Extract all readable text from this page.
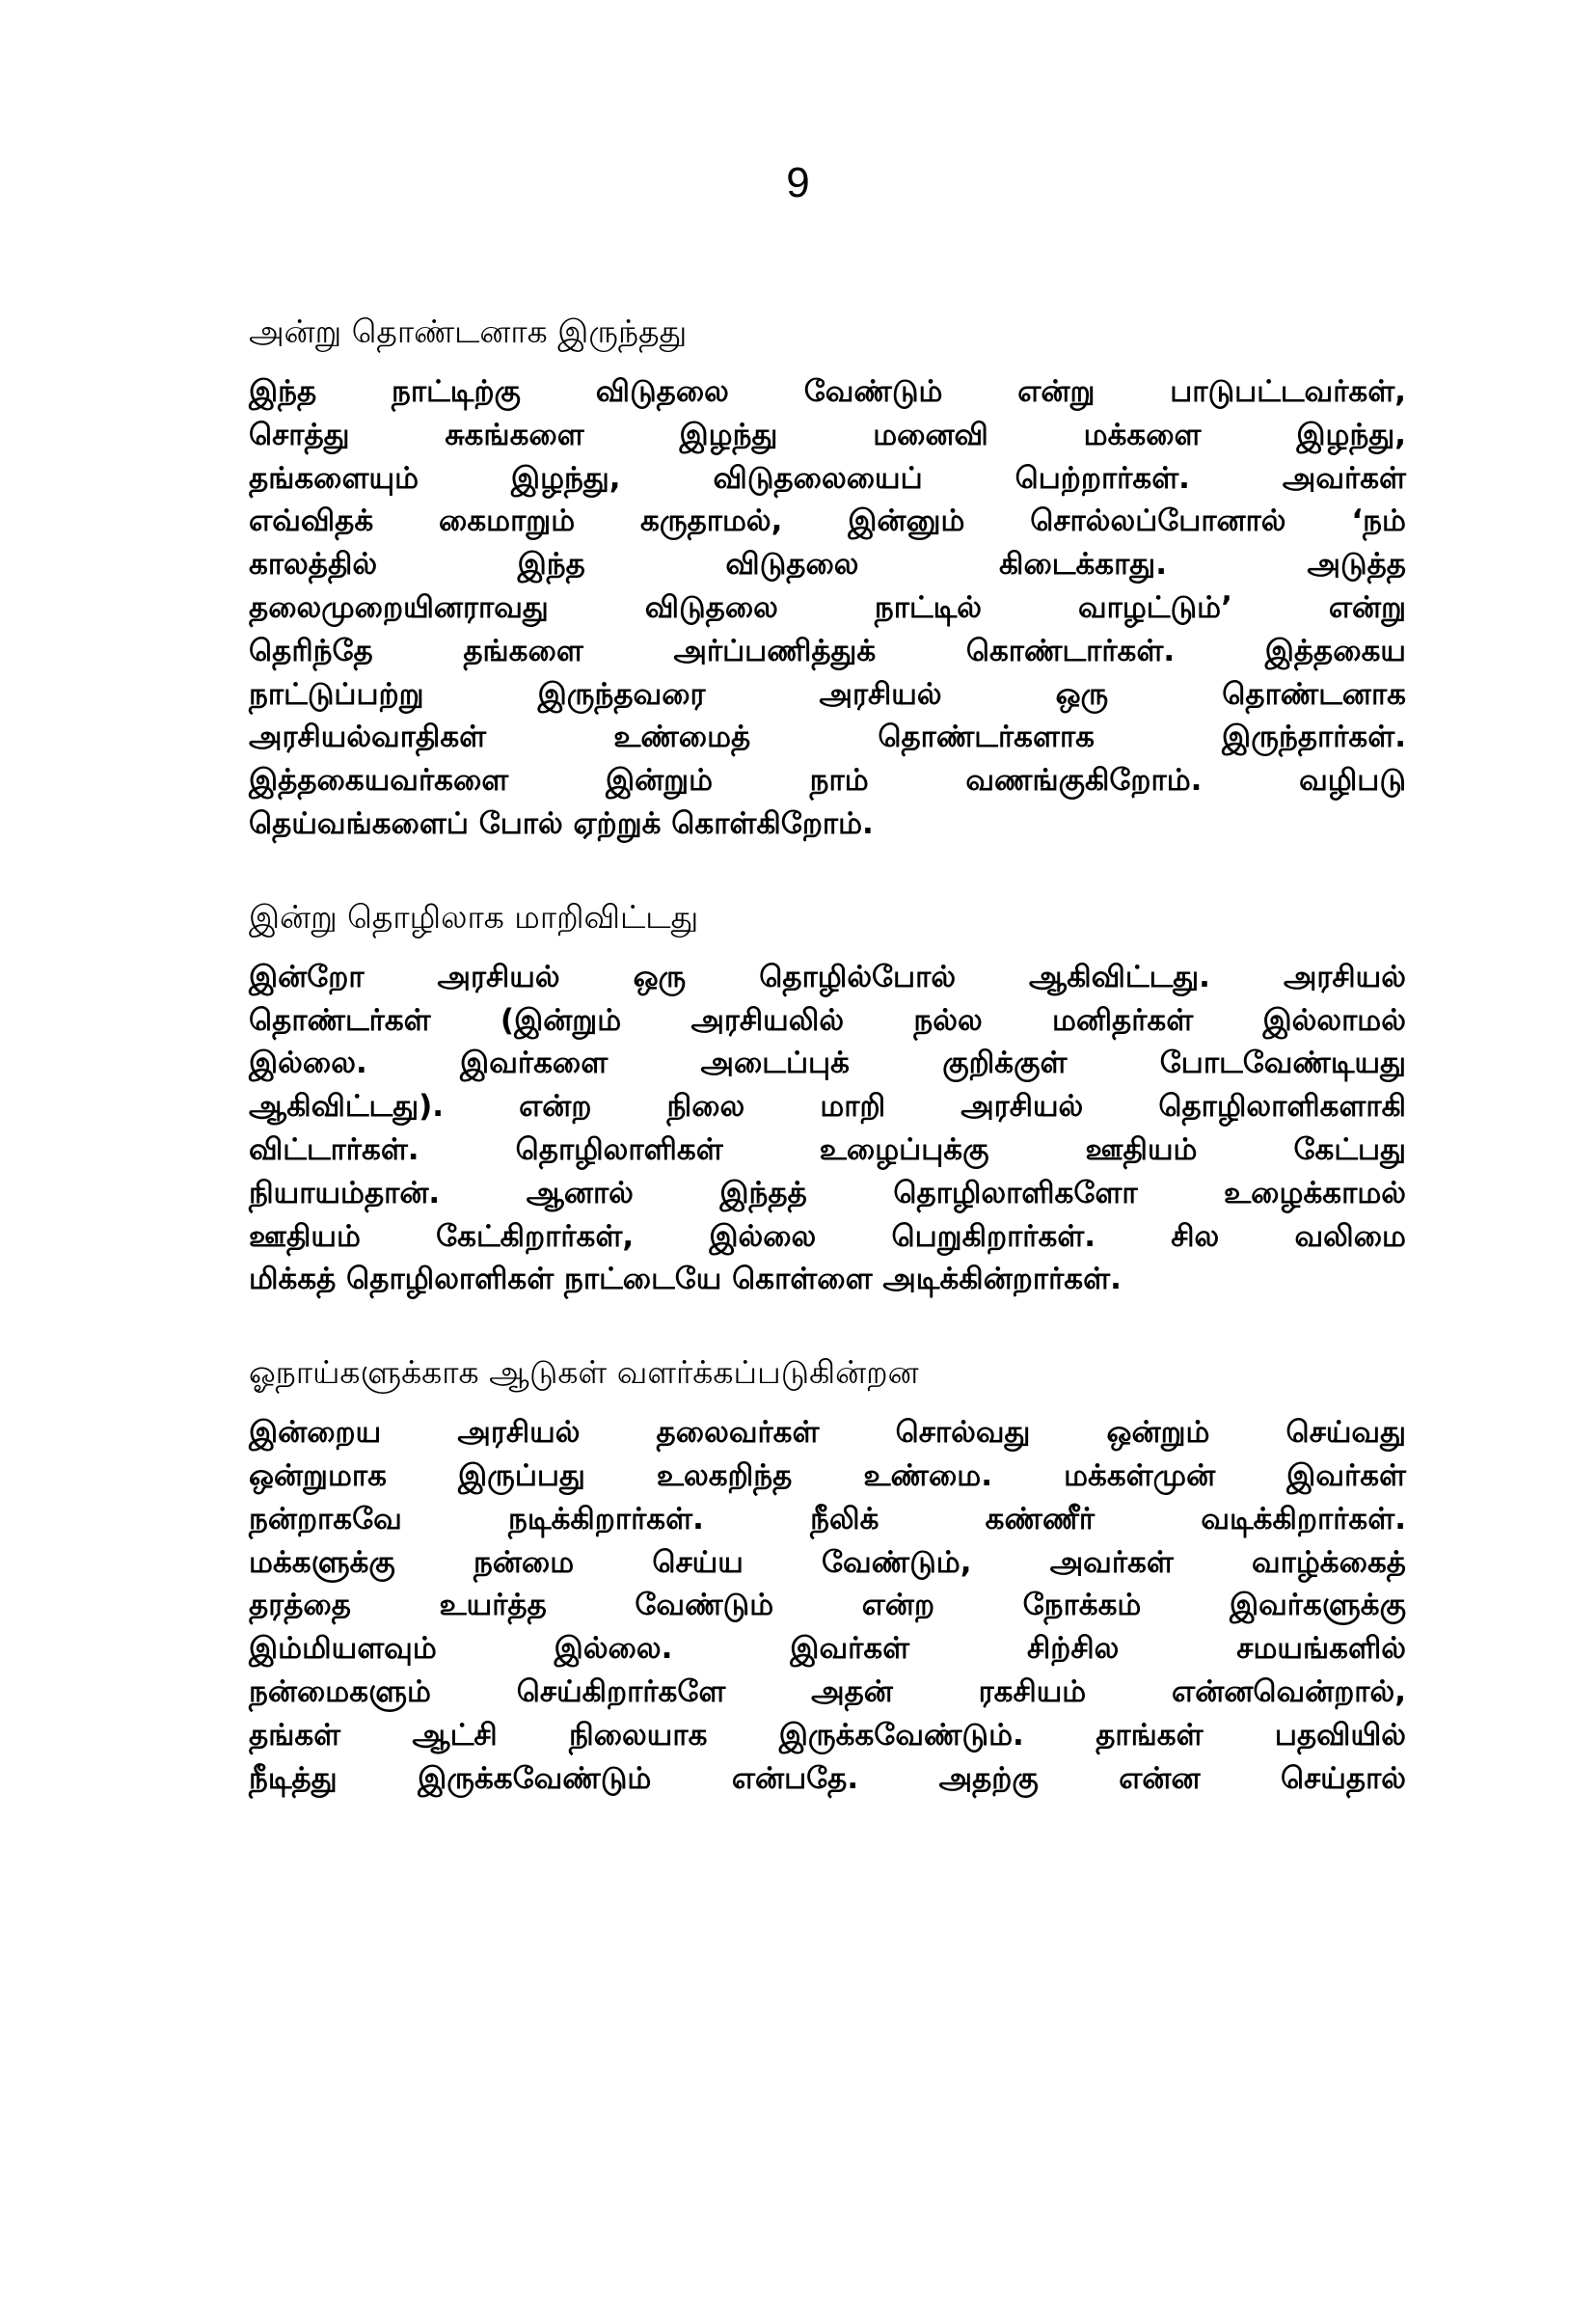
9
அன்று தொண்டனாக இருந்தது
இந்த நாட்டிற்கு விடுதலை வேண்டும் என்று பாடுபட்டவர்கள்,
சொத்து சுகங்களை இழந்து மனைவி மக்களை இழந்து,
தங்களையும் இழந்து, விடுதலையைப் பெற்றார்கள். அவர்கள்
எவ்விதக் கைமாறும் கருதாமல், இன்னும் சொல்லப்போனால் ‘நம்
காலத்தில் இந்த விடுதலை கிடைக்காது. அடுத்த
தலைமுறையினராவது விடுதலை நாட்டில் வாழட்டும்’ என்று
தெரிந்தே தங்களை அர்ப்பணித்துக் கொண்டார்கள். இத்தகைய
நாட்டுப்பற்று இருந்தவரை அரசியல் ஒரு தொண்டனாக
அரசியல்வாதிகள் உண்மைத் தொண்டர்களாக இருந்தார்கள்.
இத்தகையவர்களை இன்றும் நாம் வணங்குகிறோம். வழிபடு
தெய்வங்களைப் போல் ஏற்றுக் கொள்கிறோம்.
இன்று தொழிலாக மாறிவிட்டது
இன்றோ அரசியல் ஒரு தொழில்போல் ஆகிவிட்டது. அரசியல்
தொண்டர்கள் (இன்றும் அரசியலில் நல்ல மனிதர்கள் இல்லாமல்
இல்லை. இவர்களை அடைப்புக் குறிக்குள் போடவேண்டியது
ஆகிவிட்டது). என்ற நிலை மாறி அரசியல் தொழிலாளிகளாகி
விட்டார்கள். தொழிலாளிகள் உழைப்புக்கு ஊதியம் கேட்பது
நியாயம்தான். ஆனால் இந்தத் தொழிலாளிகளோ உழைக்காமல்
ஊதியம் கேட்கிறார்கள், இல்லை பெறுகிறார்கள். சில வலிமை
மிக்கத் தொழிலாளிகள் நாட்டையே கொள்ளை அடிக்கின்றார்கள்.
ஓநாய்களுக்காக ஆடுகள் வளர்க்கப்படுகின்றன
இன்றைய அரசியல் தலைவர்கள் சொல்வது ஒன்றும் செய்வது
ஒன்றுமாக இருப்பது உலகறிந்த உண்மை. மக்கள்முன் இவர்கள்
நன்றாகவே நடிக்கிறார்கள். நீலிக் கண்ணீர் வடிக்கிறார்கள்.
மக்களுக்கு நன்மை செய்ய வேண்டும், அவர்கள் வாழ்க்கைத்
தரத்தை உயர்த்த வேண்டும் என்ற நோக்கம் இவர்களுக்கு
இம்மியளவும் இல்லை. இவர்கள் சிற்சில சமயங்களில்
நன்மைகளும் செய்கிறார்களே அதன் ரகசியம் என்னவென்றால்,
தங்கள் ஆட்சி நிலையாக இருக்கவேண்டும். தாங்கள் பதவியில்
நீடித்து இருக்கவேண்டும் என்பதே. அதற்கு என்ன செய்தால்
